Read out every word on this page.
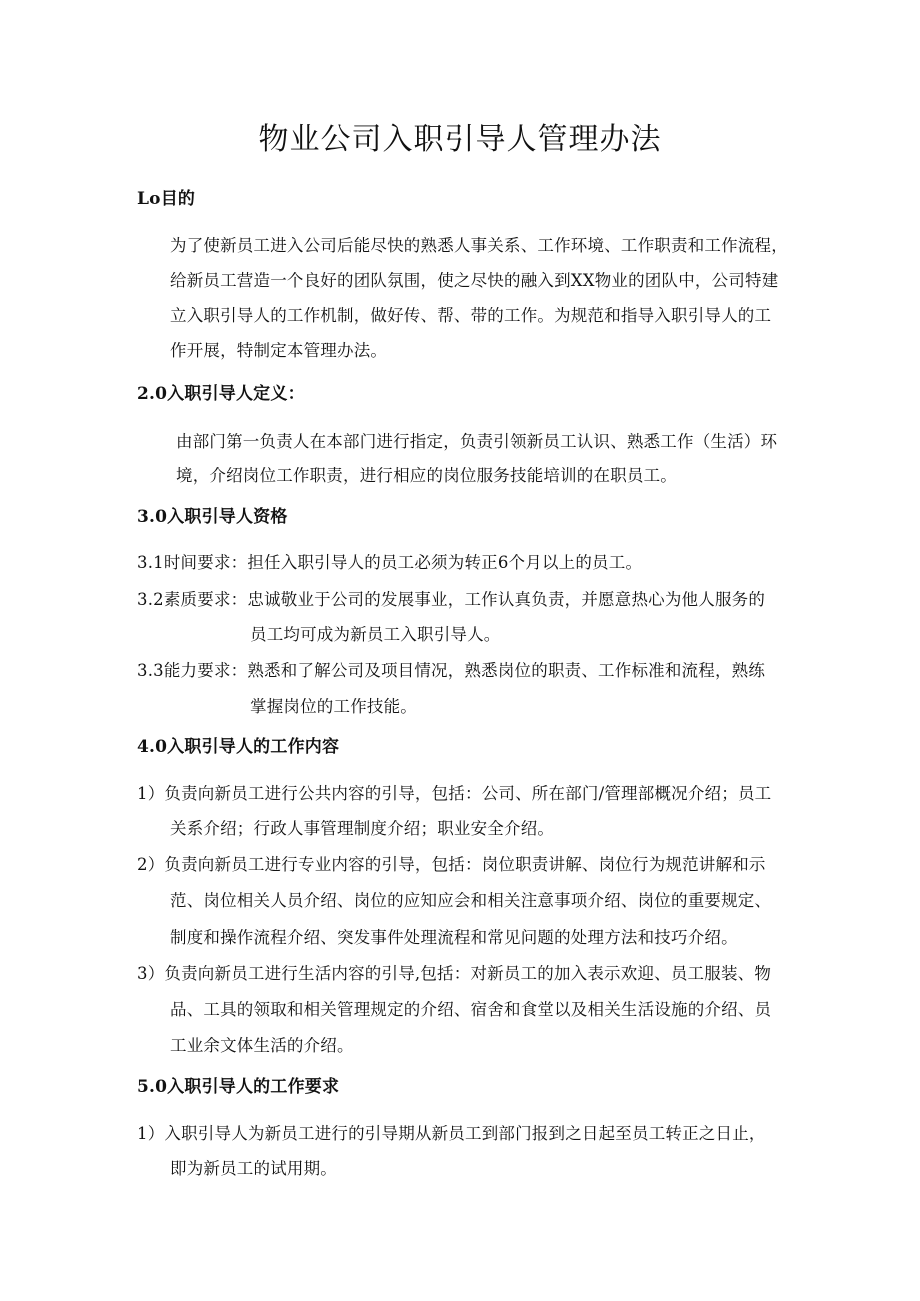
物业公司入职引导人管理办法
Lo目的
为了使新员工进入公司后能尽快的熟悉人事关系、工作环境、工作职责和工作流程，
给新员工营造一个良好的团队氛围，使之尽快的融入到XX物业的团队中，公司特建
立入职引导人的工作机制，做好传、帮、带的工作。为规范和指导入职引导人的工
作开展，特制定本管理办法。
2.0入职引导人定义：
由部门第一负责人在本部门进行指定，负责引领新员工认识、熟悉工作（生活）环
境，介绍岗位工作职责，进行相应的岗位服务技能培训的在职员工。
3.0入职引导人资格
3.1时间要求：担任入职引导人的员工必须为转正6个月以上的员工。
3.2素质要求：忠诚敬业于公司的发展事业，工作认真负责，并愿意热心为他人服务的
员工均可成为新员工入职引导人。
3.3能力要求：熟悉和了解公司及项目情况，熟悉岗位的职责、工作标准和流程，熟练
掌握岗位的工作技能。
4.0入职引导人的工作内容
1）负责向新员工进行公共内容的引导，包括：公司、所在部门/管理部概况介绍；员工
关系介绍；行政人事管理制度介绍；职业安全介绍。
2）负责向新员工进行专业内容的引导，包括：岗位职责讲解、岗位行为规范讲解和示
范、岗位相关人员介绍、岗位的应知应会和相关注意事项介绍、岗位的重要规定、
制度和操作流程介绍、突发事件处理流程和常见问题的处理方法和技巧介绍。
3）负责向新员工进行生活内容的引导,包括：对新员工的加入表示欢迎、员工服装、物
品、工具的领取和相关管理规定的介绍、宿舍和食堂以及相关生活设施的介绍、员
工业余文体生活的介绍。
5.0入职引导人的工作要求
1）入职引导人为新员工进行的引导期从新员工到部门报到之日起至员工转正之日止，
即为新员工的试用期。
